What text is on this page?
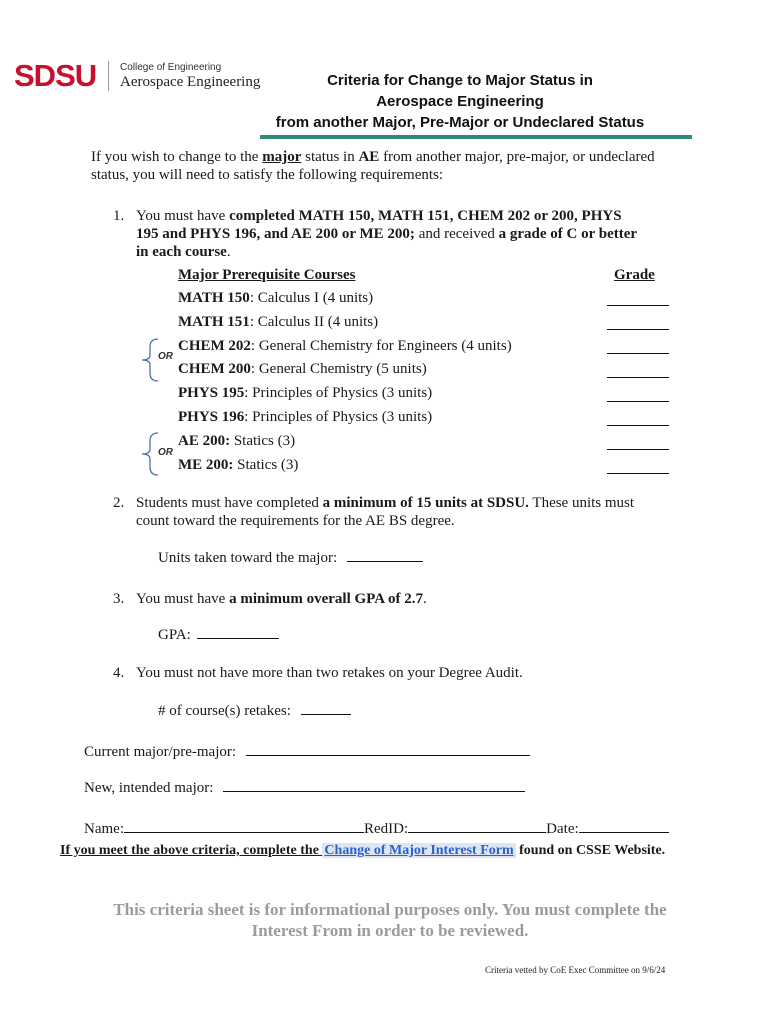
SDSU College of Engineering
Aerospace Engineering	Criteria for Change to Major Status in
Aerospace Engineering
from another Major, Pre-Major or Undeclared Status
If you wish to change to the major status in AE from another major, pre-major, or undeclared
status, you will need to satisfy the following requirements:
1. You must have completed MATH 150, MATH 151, CHEM 202 or 200, PHYS
195 and PHYS 196, and AE 200 or ME 200; and received a grade of C or better
in each course.
Major Prerequisite Courses	Grade
MATH 150: Calculus I (4 units)
MATH 151: Calculus II (4 units)
CHEM 202: General Chemistry for Engineers (4 units)
CHEM 200: General Chemistry (5 units)
PHYS 195: Principles of Physics (3 units)
PHYS 196: Principles of Physics (3 units)
AE 200: Statics (3)
ME 200: Statics (3)
OR
OR
2. Students must have completed a minimum of 15 units at SDSU. These units must
count toward the requirements for the AE BS degree.
Units taken toward the major:
3. You must have a minimum overall GPA of 2.7.
GPA:
4. You must not have more than two retakes on your Degree Audit.
# of course(s) retakes:
Current major/pre-major:
New, intended major:
Name:	RedID:	Date:
If you meet the above criteria, complete the Change of Major Interest Form found on CSSE Website.
This criteria sheet is for informational purposes only. You must complete the
Interest From in order to be reviewed.
Criteria vetted by CoE Exec Committee on 9/6/24
